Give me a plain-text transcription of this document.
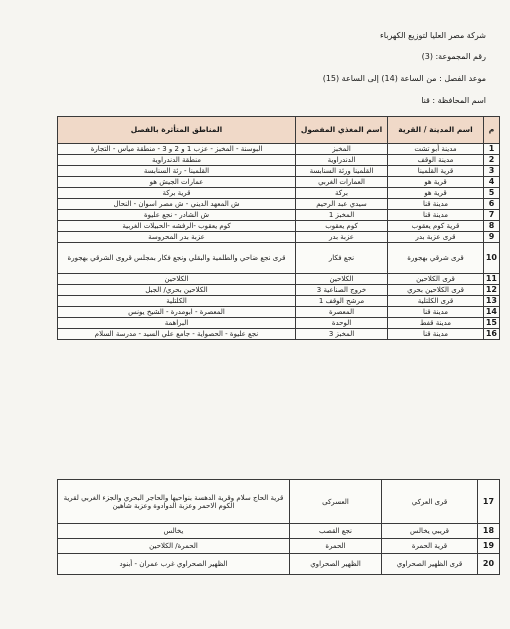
شركة مصر العليا لتوزيع الكهرباء
رقم المجموعة: (3)
موعد الفصل : من الساعة (14) إلى الساعة (15)
اسم المحافظة : قنا
م	اسم المدينة / القرية	اسم المغذي المفصول	المناطق المتأثرة بالفصل
1	مدينة أبو تشت	المخبز	البوسنة - المخبز - عزب 1 و 2 و 3 - منطقة مياس - التجارة
2	مدينة الوقف	الدندراوية	منطقة الدندراوية
3	قرية القلمينا	القلمينا ورئة السنابسة	القلمينا - رئة السنابسة
4	قرية هو	العمارات الغربي	عمارات الجيش هو
5	قرية هو	بركة	قرية بركة
6	مدينة قنا	سيدي عبد الرحيم	ش المعهد الديني - ش مصر اسوان - النحال
7	مدينة قنا	المخبز 1	ش الشادر - نجع عليوة
8	قرية كوم يعقوب	كوم يعقوب	كوم يعقوب -الرفشه -الحبيلات الغربية
9	قرى عزبة بدر	عزبة بدر	عزبة بدر المحروسة
10	قرى شرقي بهجورة	نجع فكار	قرى نجع ضاحي والطلمية والبقلي ونجع فكار بمجلس قروى الشرقي بهجورة
11	قرى الكلاحين	الكلاحين	الكلاحين
12	قرى الكلاحين بحري	خروج الصناعية 3	الكلاحين بحري/ الجبل
13	قرى الكلتلية	مرشح الوقف 1	الكلتلية
14	مدينة قنا	المعصرة	المعصرة - ابومدرة - الشيخ يونس
15	مدينة قفط	الوحدة	البراهمة
16	مدينة قنا	المخبز 3	نجع عليوة - الحصواية - جامع علي السيد - مدرسة السلام
17	قرى العركي	العسركى	قرية الحاج سلام وقرية الدهسة بنواحيها والحاجر البحري والجزء الغربي لقرية الكوم الاحمر وعزبة الدوادوة وعزبة شاهين
18	قريبي يخالس	نجع القصب	يخالس
19	قرية الحمرة	الحمرة	الحمرة/ الكلاحين
20	قرى الظهير الصحراوي	الظهير الصحراوي	الظهير الصحراوي غرب عمران - أبنود
